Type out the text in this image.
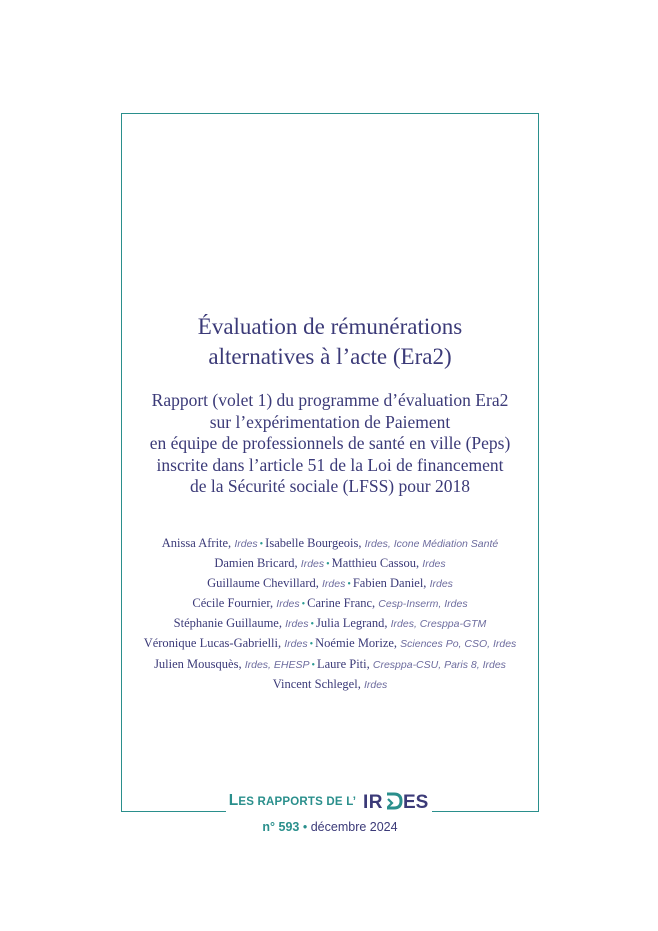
Évaluation de rémunérations
alternatives à l’acte (Era2)
Rapport (volet 1) du programme d’évaluation Era2
sur l’expérimentation de Paiement
en équipe de professionnels de santé en ville (Peps)
inscrite dans l’article 51 de la Loi de financement
de la Sécurité sociale (LFSS) pour 2018
Anissa Afrite, Irdes • Isabelle Bourgeois, Irdes, Icone Médiation Santé
Damien Bricard, Irdes • Matthieu Cassou, Irdes
Guillaume Chevillard, Irdes • Fabien Daniel, Irdes
Cécile Fournier, Irdes • Carine Franc, Cesp-Inserm, Irdes
Stéphanie Guillaume, Irdes • Julia Legrand, Irdes, Cresppa-GTM
Véronique Lucas-Gabrielli, Irdes • Noémie Morize, Sciences Po, CSO, Irdes
Julien Mousquès, Irdes, EHESP • Laure Piti, Cresppa-CSU, Paris 8, Irdes
Vincent Schlegel, Irdes
LES RAPPORTS DE L’ IR ES
n° 593 • décembre 2024
